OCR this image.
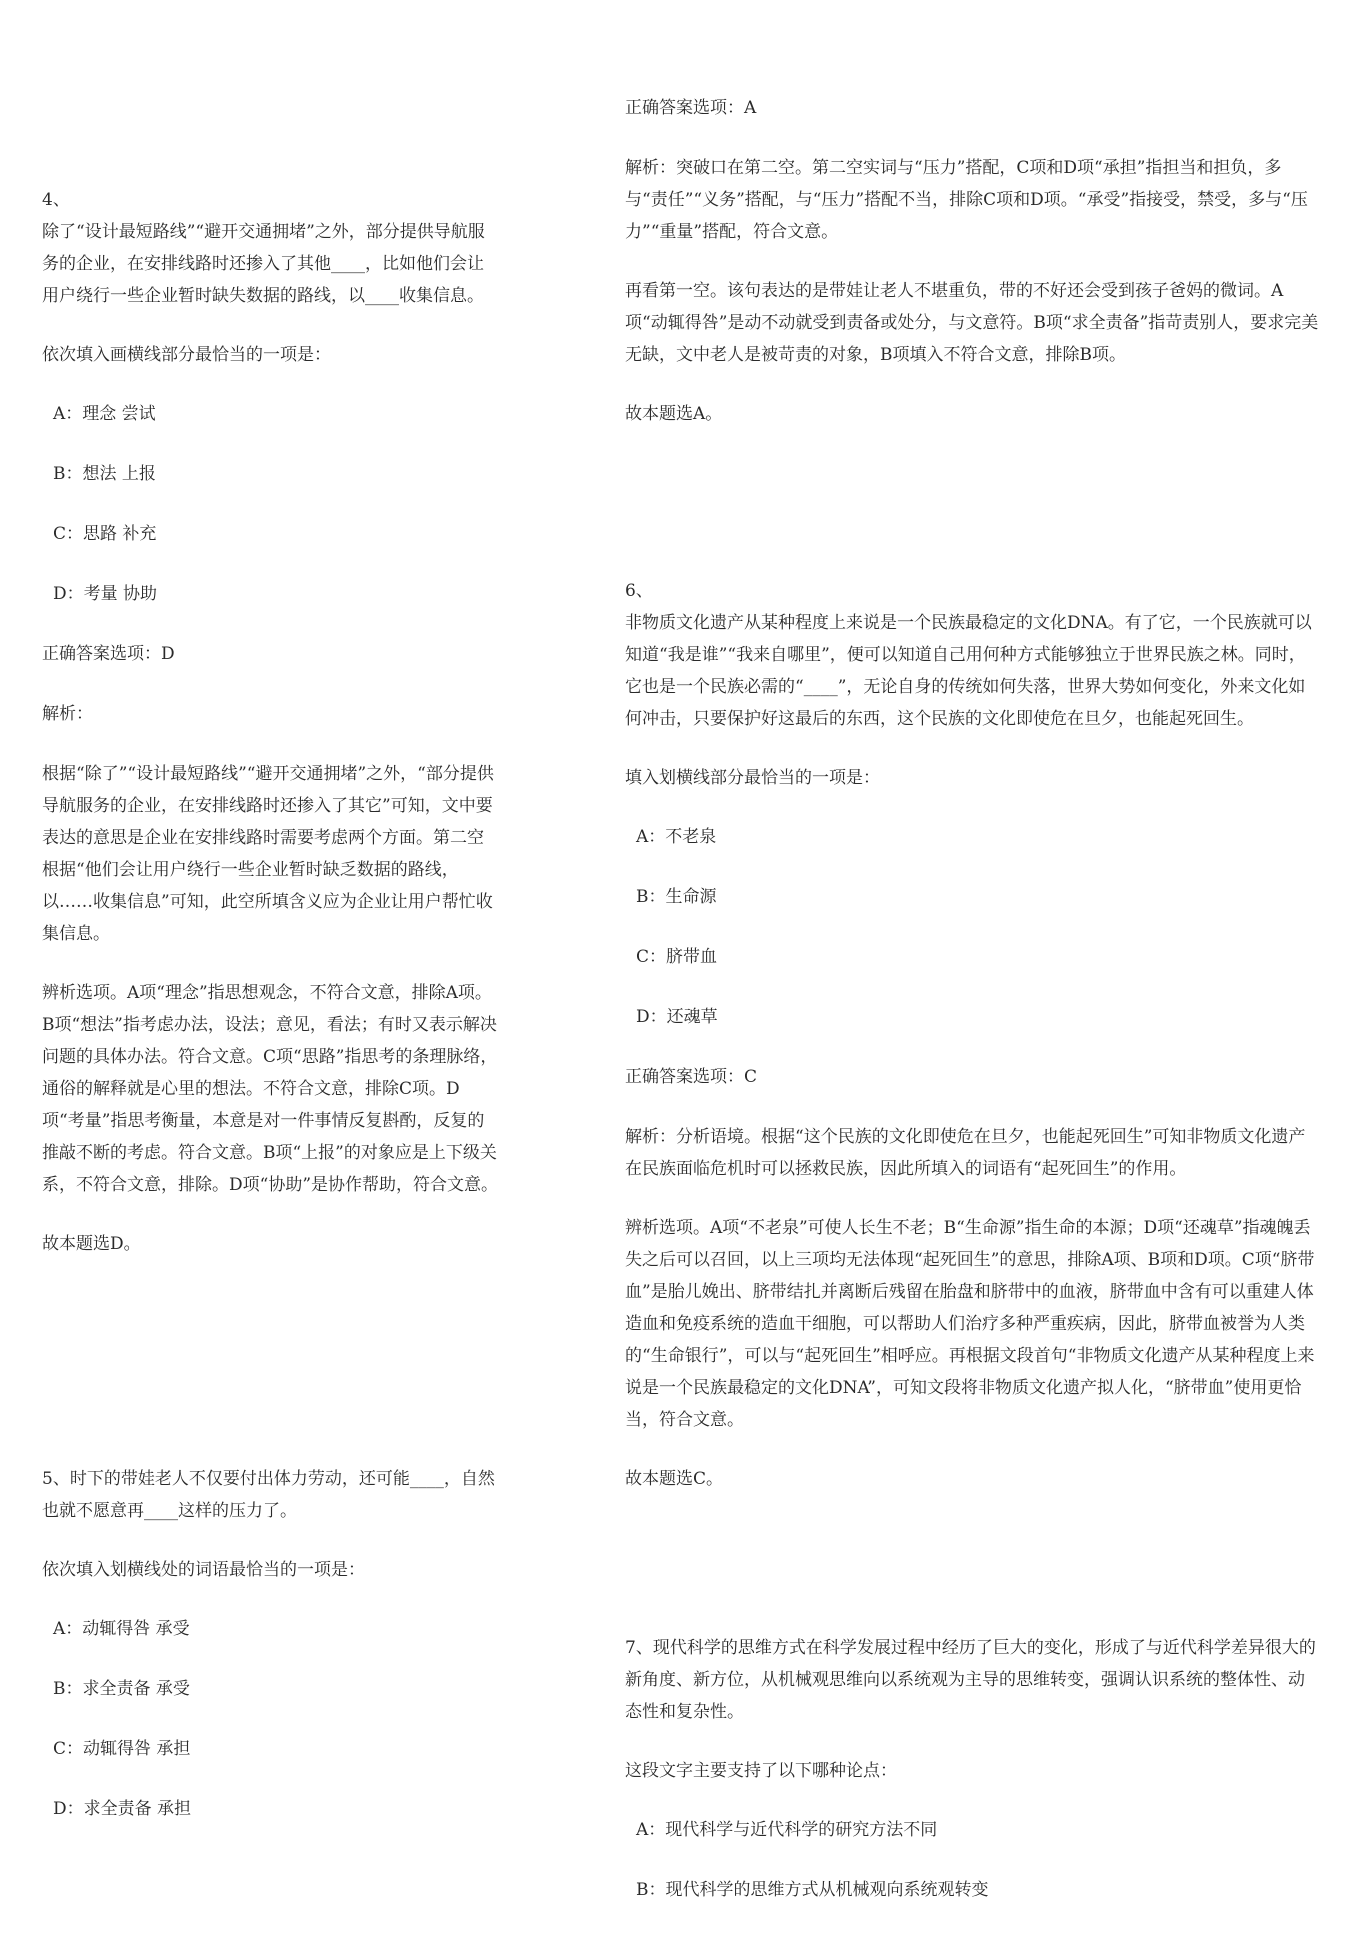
4、

除了“设计最短路线”“避开交通拥堵”之外，部分提供导航服务的企业，在安排线路时还掺入了其他____，比如他们会让用户绕行一些企业暂时缺失数据的路线，以____收集信息。

依次填入画横线部分最恰当的一项是：

A：理念 尝试

B：想法 上报

C：思路 补充

D：考量 协助

正确答案选项：D

解析：

根据“除了”“设计最短路线”“避开交通拥堵”之外，“部分提供导航服务的企业，在安排线路时还掺入了其它”可知，文中要表达的意思是企业在安排线路时需要考虑两个方面。第二空根据“他们会让用户绕行一些企业暂时缺乏数据的路线，以……收集信息”可知，此空所填含义应为企业让用户帮忙收集信息。

辨析选项。A项“理念”指思想观念，不符合文意，排除A项。B项“想法”指考虑办法，设法；意见，看法；有时又表示解决问题的具体办法。符合文意。C项“思路”指思考的条理脉络，通俗的解释就是心里的想法。不符合文意，排除C项。D项“考量”指思考衡量，本意是对一件事情反复斟酌，反复的推敲不断的考虑。符合文意。B项“上报”的对象应是上下级关系，不符合文意，排除。D项“协助”是协作帮助，符合文意。

故本题选D。

5、时下的带娃老人不仅要付出体力劳动，还可能____，自然也就不愿意再____这样的压力了。

依次填入划横线处的词语最恰当的一项是：

A：动辄得咎 承受

B：求全责备 承受

C：动辄得咎 承担

D：求全责备 承担

正确答案选项：A

解析：突破口在第二空。第二空实词与“压力”搭配，C项和D项“承担”指担当和担负，多与“责任”“义务”搭配，与“压力”搭配不当，排除C项和D项。“承受”指接受，禁受，多与“压力”“重量”搭配，符合文意。

再看第一空。该句表达的是带娃让老人不堪重负，带的不好还会受到孩子爸妈的微词。A项“动辄得咎”是动不动就受到责备或处分，与文意符。B项“求全责备”指苛责别人，要求完美无缺，文中老人是被苛责的对象，B项填入不符合文意，排除B项。

故本题选A。

6、

非物质文化遗产从某种程度上来说是一个民族最稳定的文化DNA。有了它，一个民族就可以知道“我是谁”“我来自哪里”，便可以知道自己用何种方式能够独立于世界民族之林。同时，它也是一个民族必需的“____”，无论自身的传统如何失落，世界大势如何变化，外来文化如何冲击，只要保护好这最后的东西，这个民族的文化即使危在旦夕，也能起死回生。

填入划横线部分最恰当的一项是：

A：不老泉

B：生命源

C：脐带血

D：还魂草

正确答案选项：C

解析：分析语境。根据“这个民族的文化即使危在旦夕，也能起死回生”可知非物质文化遗产在民族面临危机时可以拯救民族，因此所填入的词语有“起死回生”的作用。

辨析选项。A项“不老泉”可使人长生不老；B“生命源”指生命的本源；D项“还魂草”指魂魄丢失之后可以召回，以上三项均无法体现“起死回生”的意思，排除A项、B项和D项。C项“脐带血”是胎儿娩出、脐带结扎并离断后残留在胎盘和脐带中的血液，脐带血中含有可以重建人体造血和免疫系统的造血干细胞，可以帮助人们治疗多种严重疾病，因此，脐带血被誉为人类的“生命银行”，可以与“起死回生”相呼应。再根据文段首句“非物质文化遗产从某种程度上来说是一个民族最稳定的文化DNA”，可知文段将非物质文化遗产拟人化，“脐带血”使用更恰当，符合文意。

故本题选C。

7、现代科学的思维方式在科学发展过程中经历了巨大的变化，形成了与近代科学差异很大的新角度、新方位，从机械观思维向以系统观为主导的思维转变，强调认识系统的整体性、动态性和复杂性。

这段文字主要支持了以下哪种论点：

A：现代科学与近代科学的研究方法不同

B：现代科学的思维方式从机械观向系统观转变
